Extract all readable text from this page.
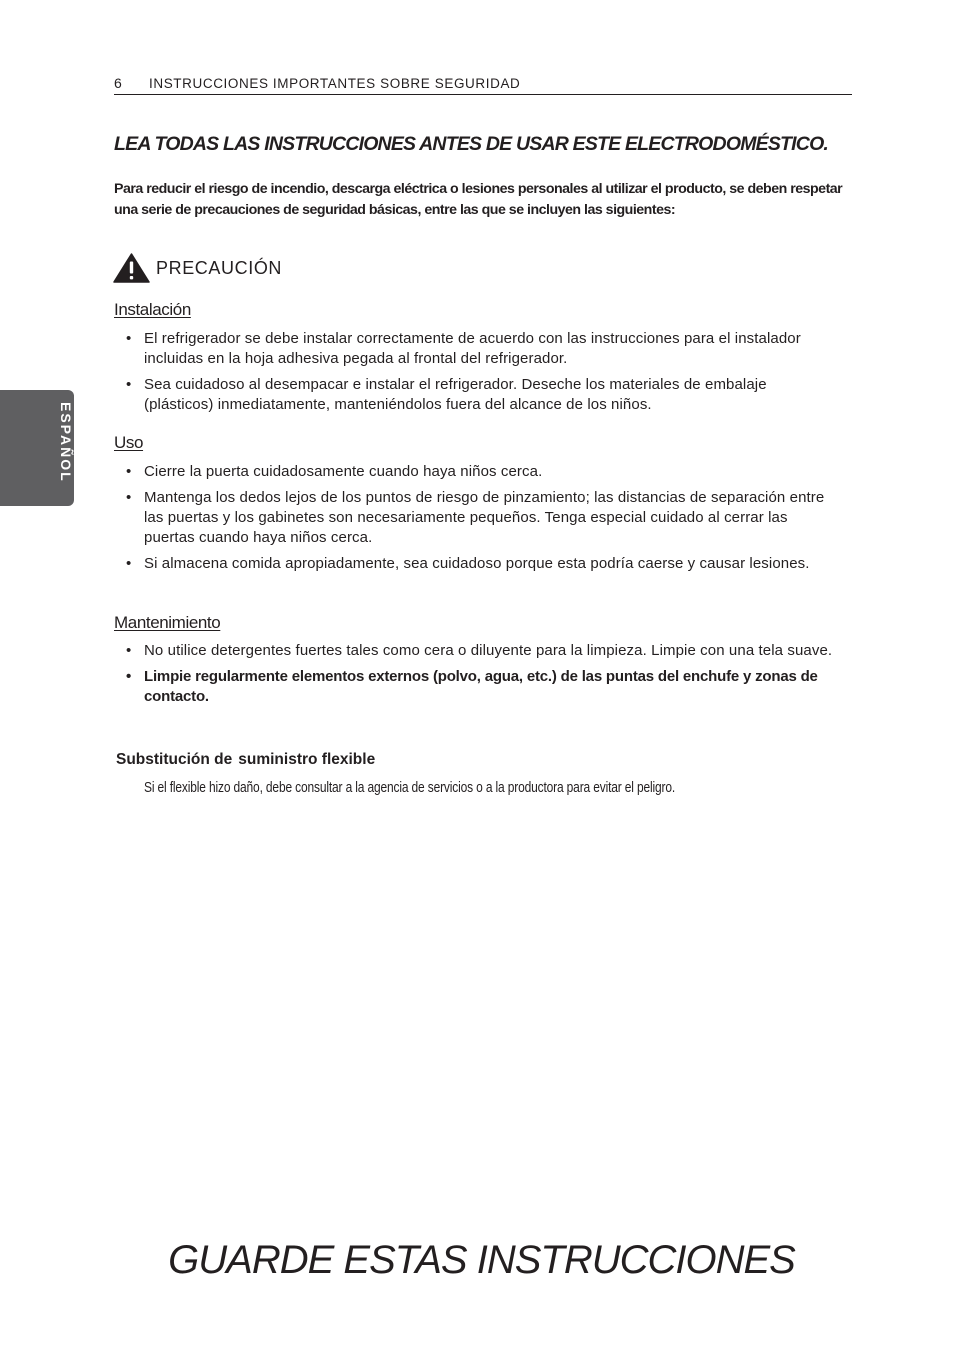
6 INSTRUCCIONES IMPORTANTES SOBRE SEGURIDAD
ESPAÑOL
LEA TODAS LAS INSTRUCCIONES ANTES DE USAR ESTE ELECTRODOMÉSTICO.
Para reducir el riesgo de incendio, descarga eléctrica o lesiones personales al utilizar el producto, se deben respetar una serie de precauciones de seguridad básicas, entre las que se incluyen las siguientes:
PRECAUCIÓN
Instalación
• El refrigerador se debe instalar correctamente de acuerdo con las instrucciones para el instalador incluidas en la hoja adhesiva pegada al frontal del refrigerador.
• Sea cuidadoso al desempacar e instalar el refrigerador. Deseche los materiales de embalaje (plásticos) inmediatamente, manteniéndolos fuera del alcance de los niños.
Uso
• Cierre la puerta cuidadosamente cuando haya niños cerca.
• Mantenga los dedos lejos de los puntos de riesgo de pinzamiento; las distancias de separación entre las puertas y los gabinetes son necesariamente pequeños. Tenga especial cuidado al cerrar las puertas cuando haya niños cerca.
• Si almacena comida apropiadamente, sea cuidadoso porque esta podría caerse y causar lesiones.
Mantenimiento
• No utilice detergentes fuertes tales como cera o diluyente para la limpieza. Limpie con una tela suave.
• Limpie regularmente elementos externos (polvo, agua, etc.) de las puntas del enchufe y zonas de contacto.
Substitución de suministro flexible
Si el flexible hizo daño, debe consultar a la agencia de servicios o a la productora para evitar el peligro.
GUARDE ESTAS INSTRUCCIONES
